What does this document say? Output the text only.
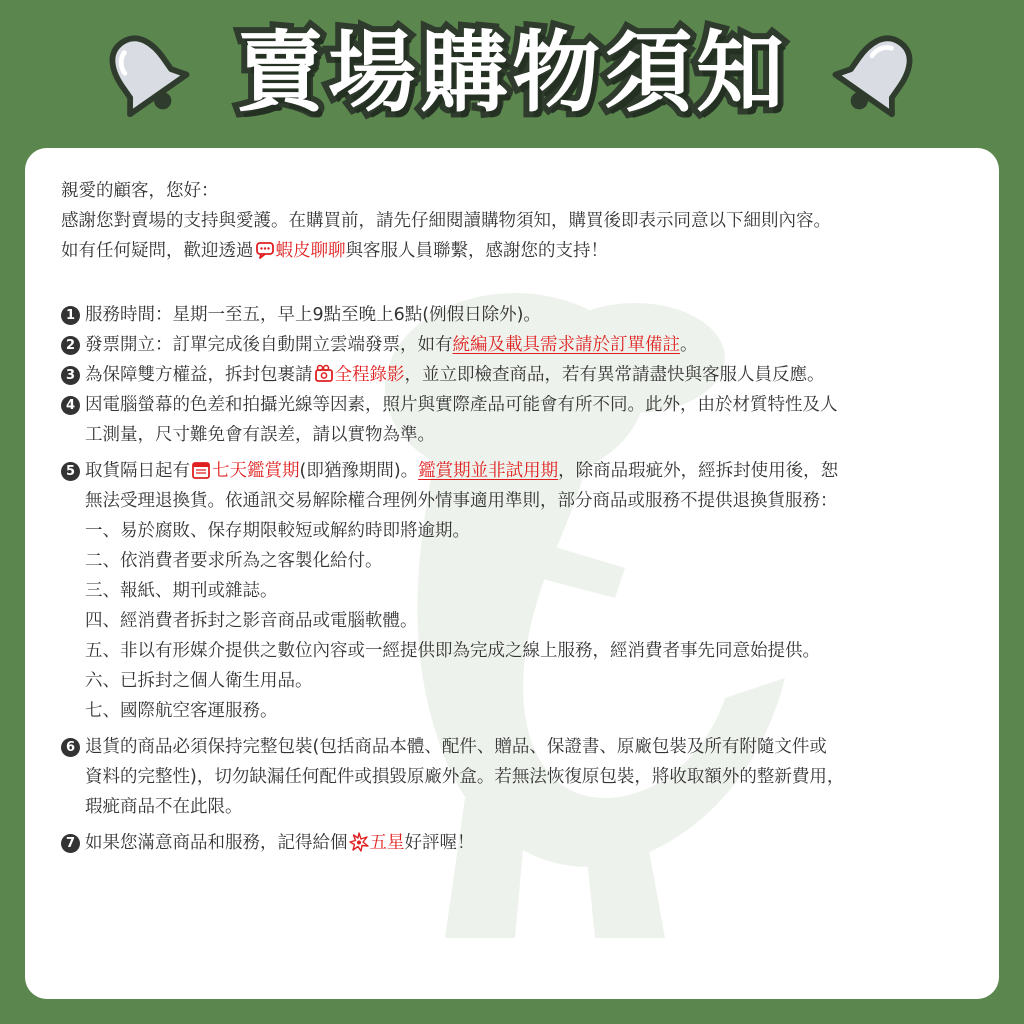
賣場購物須知

親愛的顧客，您好：

感謝您對賣場的支持與愛護。在購買前，請先仔細閱讀購物須知，購買後即表示同意以下細則內容。

如有任何疑問，歡迎透過 蝦皮聊聊與客服人員聯繫，感謝您的支持！

1 服務時間：星期一至五，早上9點至晚上6點(例假日除外)。
2 發票開立：訂單完成後自動開立雲端發票，如有統編及載具需求請於訂單備註。
3 為保障雙方權益，拆封包裹請 全程錄影，並立即檢查商品，若有異常請盡快與客服人員反應。
4 因電腦螢幕的色差和拍攝光線等因素，照片與實際產品可能會有所不同。此外，由於材質特性及人

工測量，尺寸難免會有誤差，請以實物為準。

5 取貨隔日起有 七天鑑賞期(即猶豫期間)。鑑賞期並非試用期，除商品瑕疵外，經拆封使用後，恕

無法受理退換貨。依通訊交易解除權合理例外情事適用準則，部分商品或服務不提供退換貨服務：

一、易於腐敗、保存期限較短或解約時即將逾期。

二、依消費者要求所為之客製化給付。

三、報紙、期刊或雜誌。

四、經消費者拆封之影音商品或電腦軟體。

五、非以有形媒介提供之數位內容或一經提供即為完成之線上服務，經消費者事先同意始提供。

六、已拆封之個人衛生用品。

七、國際航空客運服務。

6 退貨的商品必須保持完整包裝(包括商品本體、配件、贈品、保證書、原廠包裝及所有附隨文件或

資料的完整性)，切勿缺漏任何配件或損毀原廠外盒。若無法恢復原包裝，將收取額外的整新費用，

瑕疵商品不在此限。

7 如果您滿意商品和服務，記得給個 五星好評喔！
